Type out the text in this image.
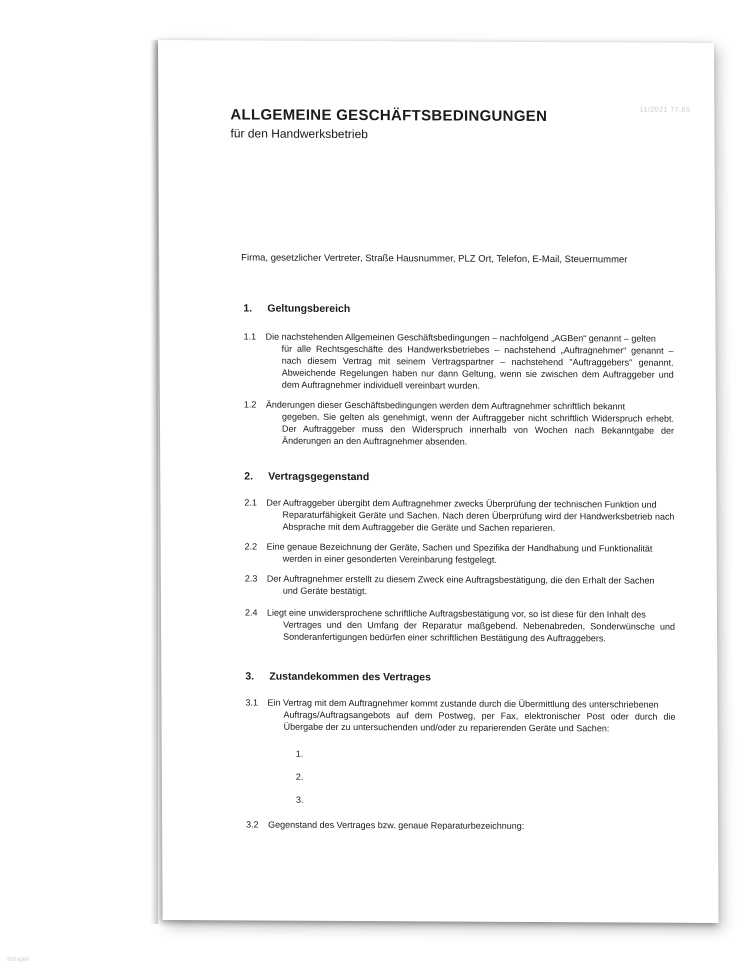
11/2021 77.65
ALLGEMEINE GESCHÄFTSBEDINGUNGEN
für den Handwerksbetrieb
Firma, gesetzlicher Vertreter, Straße Hausnummer, PLZ Ort, Telefon, E-Mail, Steuernummer
1. Geltungsbereich
1.1	Die nachstehenden Allgemeinen Geschäftsbedingungen – nachfolgend „AGBen“ genannt – gelten
für alle Rechtsgeschäfte des Handwerksbetriebes – nachstehend „Auftragnehmer“ genannt – nach diesem Vertrag mit seinem Vertragspartner – nachstehend "Auftraggebers" genannt. Abweichende Regelungen haben nur dann Geltung, wenn sie zwischen dem Auftraggeber und dem Auftragnehmer individuell vereinbart wurden.
1.2	Änderungen dieser Geschäftsbedingungen werden dem Auftragnehmer schriftlich bekannt
gegeben. Sie gelten als genehmigt, wenn der Auftraggeber nicht schriftlich Widerspruch erhebt. Der Auftraggeber muss den Widerspruch innerhalb von Wochen nach Bekanntgabe der Änderungen an den Auftragnehmer absenden.
2. Vertragsgegenstand
2.1	Der Auftraggeber übergibt dem Auftragnehmer zwecks Überprüfung der technischen Funktion und
Reparaturfähigkeit Geräte und Sachen. Nach deren Überprüfung wird der Handwerksbetrieb nach Absprache mit dem Auftraggeber die Geräte und Sachen reparieren.
2.2	Eine genaue Bezeichnung der Geräte, Sachen und Spezifika der Handhabung und Funktionalität
werden in einer gesonderten Vereinbarung festgelegt.
2.3	Der Auftragnehmer erstellt zu diesem Zweck eine Auftragsbestätigung, die den Erhalt der Sachen
und Geräte bestätigt.
2.4	Liegt eine unwidersprochene schriftliche Auftragsbestätigung vor, so ist diese für den Inhalt des
Vertrages und den Umfang der Reparatur maßgebend. Nebenabreden, Sonderwünsche und Sonderanfertigungen bedürfen einer schriftlichen Bestätigung des Auftraggebers.
3. Zustandekommen des Vertrages
3.1	Ein Vertrag mit dem Auftragnehmer kommt zustande durch die Übermittlung des unterschriebenen
Auftrags/Auftragsangebots auf dem Postweg, per Fax, elektronischer Post oder durch die Übergabe der zu untersuchenden und/oder zu reparierenden Geräte und Sachen:
1.
2.
3.
3.2	Gegenstand des Vertrages bzw. genaue Reparaturbezeichnung:
Vorlagen
